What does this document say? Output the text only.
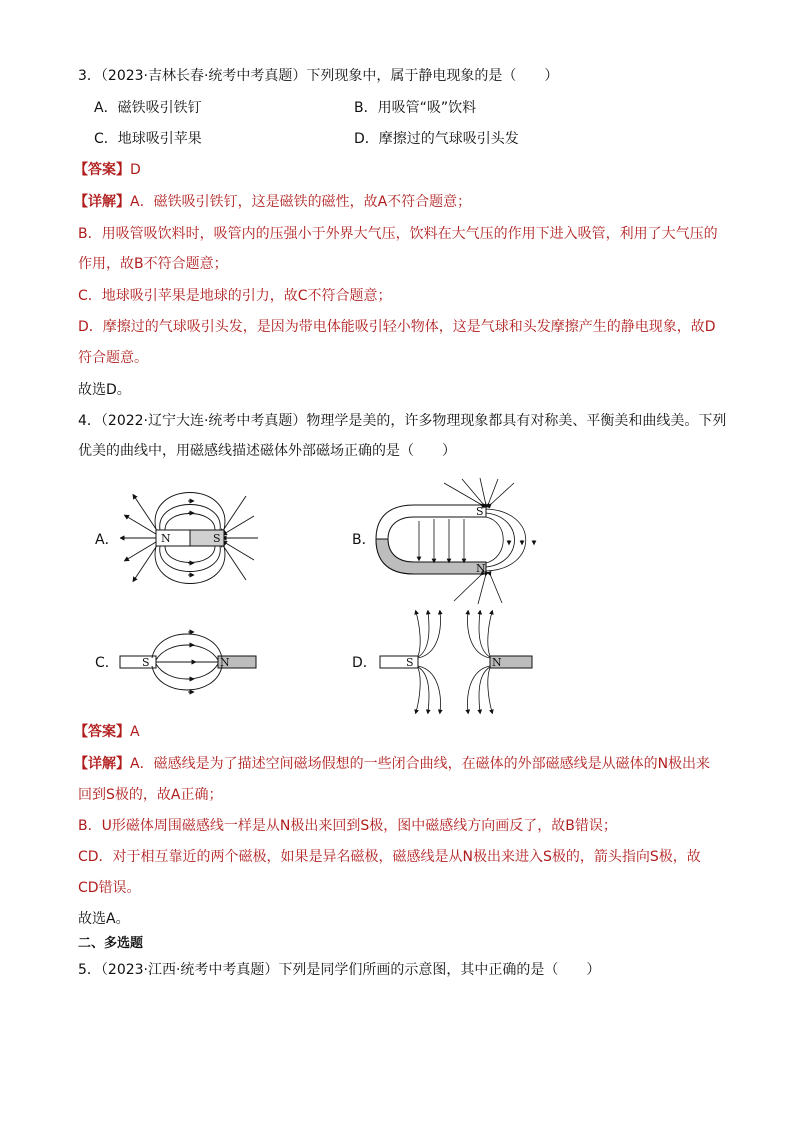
3．（2023·吉林长春·统考中考真题）下列现象中，属于静电现象的是（　　）
A．磁铁吸引铁钉	B．用吸管“吸”饮料
C．地球吸引苹果	D．摩擦过的气球吸引头发
【答案】D
【详解】A．磁铁吸引铁钉，这是磁铁的磁性，故A不符合题意；
B．用吸管吸饮料时，吸管内的压强小于外界大气压，饮料在大气压的作用下进入吸管，利用了大气压的
作用，故B不符合题意；
C．地球吸引苹果是地球的引力，故C不符合题意；
D．摩擦过的气球吸引头发，是因为带电体能吸引轻小物体，这是气球和头发摩擦产生的静电现象，故D
符合题意。
故选D。
4．（2022·辽宁大连·统考中考真题）物理学是美的，许多物理现象都具有对称美、平衡美和曲线美。下列
优美的曲线中，用磁感线描述磁体外部磁场正确的是（　　）
A．	B．
C．	D．
N	S
S
N
S	N	S	N
【答案】A
【详解】A．磁感线是为了描述空间磁场假想的一些闭合曲线，在磁体的外部磁感线是从磁体的N极出来
回到S极的，故A正确；
B．U形磁体周围磁感线一样是从N极出来回到S极，图中磁感线方向画反了，故B错误；
CD．对于相互靠近的两个磁极，如果是异名磁极，磁感线是从N极出来进入S极的，箭头指向S极，故
CD错误。
故选A。
二、多选题
5．（2023·江西·统考中考真题）下列是同学们所画的示意图，其中正确的是（　　）
